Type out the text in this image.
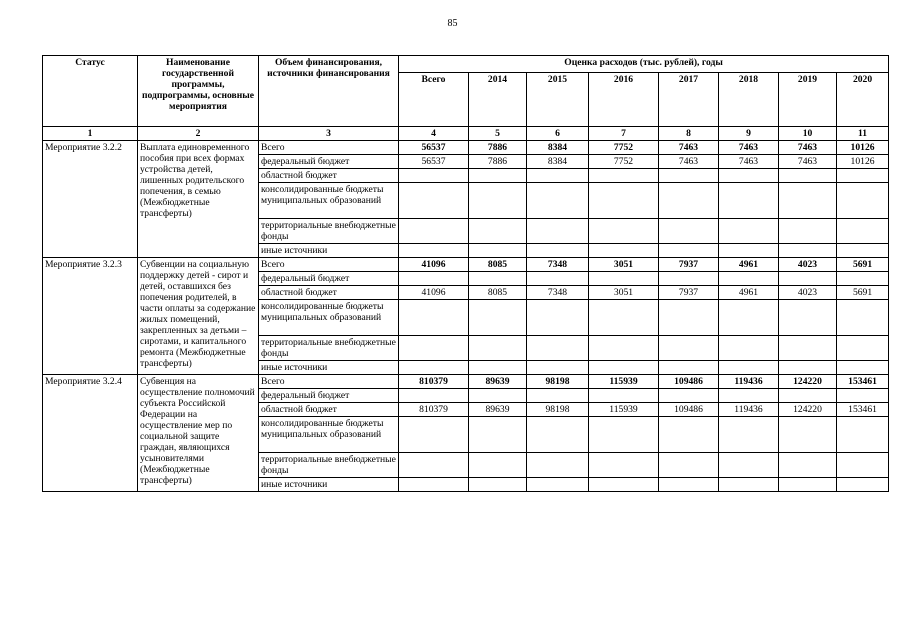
85
Статус	Наименование государственной программы, подпрограммы, основные мероприятия	Объем финансирования, источники финансирования	Оценка расходов (тыс. рублей), годы							
			Всего	2014	2015	2016	2017	2018	2019	2020
1	2	3	4	5	6	7	8	9	10	11
Мероприятие 3.2.2	Выплата единовременного пособия при всех формах устройства детей, лишенных родительского попечения, в семью (Межбюджетные трансферты)	Всего	56537	7886	8384	7752	7463	7463	7463	10126
		федеральный бюджет	56537	7886	8384	7752	7463	7463	7463	10126
		областной бюджет								
		консолидированные бюджеты муниципальных образований								
		территориальные внебюджетные фонды								
		иные источники								
Мероприятие 3.2.3	Субвенции на социальную поддержку детей - сирот и детей, оставшихся без попечения родителей, в части оплаты за содержание жилых помещений, закрепленных за детьми – сиротами, и капитального ремонта (Межбюджетные трансферты)	Всего	41096	8085	7348	3051	7937	4961	4023	5691
		федеральный бюджет								
		областной бюджет	41096	8085	7348	3051	7937	4961	4023	5691
		консолидированные бюджеты муниципальных образований								
		территориальные внебюджетные фонды								
		иные источники								
Мероприятие 3.2.4	Субвенция на осуществление полномочий субъекта Российской Федерации на осуществление мер по социальной защите граждан, являющихся усыновителями (Межбюджетные трансферты)	Всего	810379	89639	98198	115939	109486	119436	124220	153461
		федеральный бюджет								
		областной бюджет	810379	89639	98198	115939	109486	119436	124220	153461
		консолидированные бюджеты муниципальных образований								
		территориальные внебюджетные фонды								
		иные источники								
